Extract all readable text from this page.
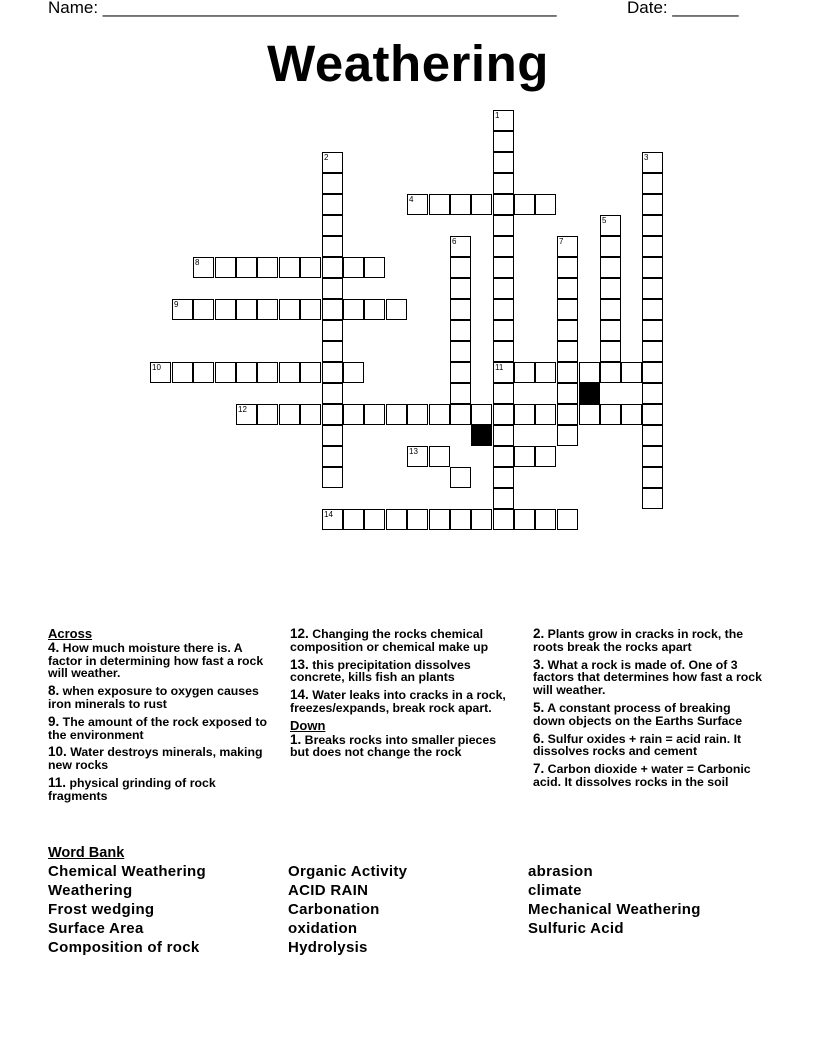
Name: ________________________________________________	Date: _______
Weathering
1
11
2	3
4
5
6	7
8
9
10
12
13
14
Across
4. How much moisture there is. A factor in determining how fast a rock will weather.
8. when exposure to oxygen causes iron minerals to rust
9. The amount of the rock exposed to the environment
10. Water destroys minerals, making new rocks
11. physical grinding of rock fragments
12. Changing the rocks chemical composition or chemical make up
13. this precipitation dissolves concrete, kills fish an plants
14. Water leaks into cracks in a rock, freezes/expands, break rock apart.
Down
1. Breaks rocks into smaller pieces but does not change the rock
2. Plants grow in cracks in rock, the roots break the rocks apart
3. What a rock is made of. One of 3 factors that determines how fast a rock will weather.
5. A constant process of breaking down objects on the Earths Surface
6. Sulfur oxides + rain = acid rain. It dissolves rocks and cement
7. Carbon dioxide + water = Carbonic acid. It dissolves rocks in the soil
Word Bank
Chemical Weathering
Weathering
Frost wedging
Surface Area
Composition of rock
Organic Activity
ACID RAIN
Carbonation
oxidation
Hydrolysis
abrasion
climate
Mechanical Weathering
Sulfuric Acid
